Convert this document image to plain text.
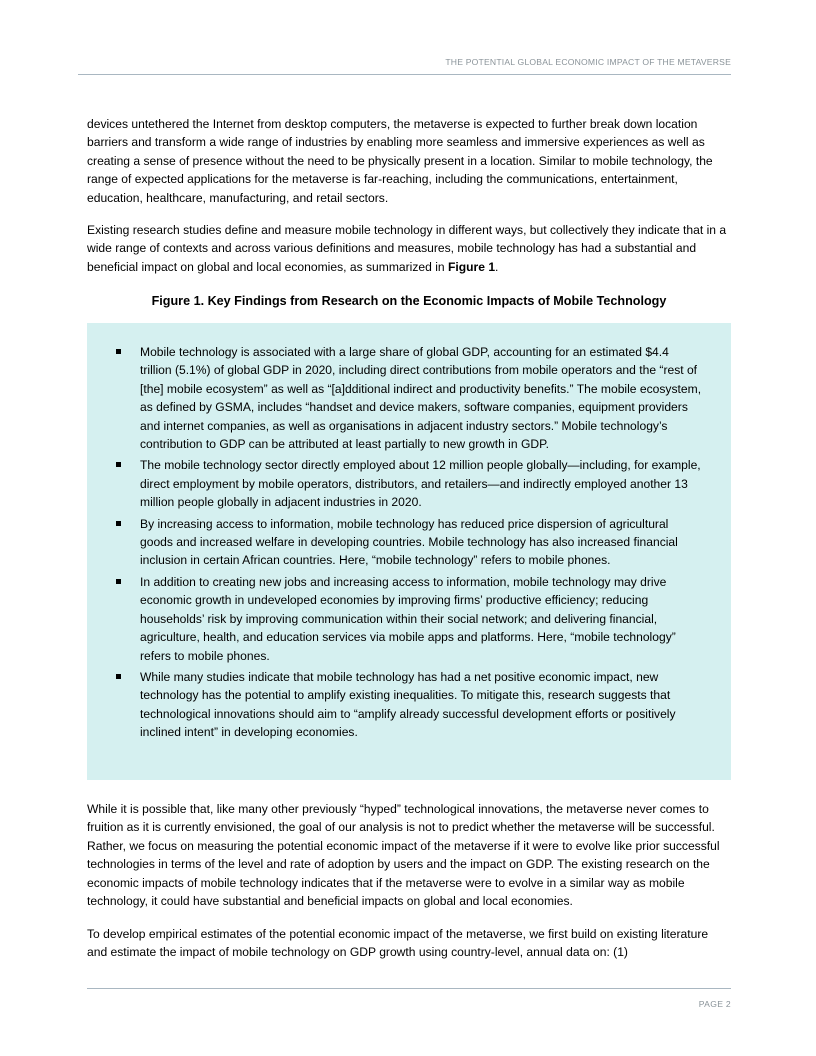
THE POTENTIAL GLOBAL ECONOMIC IMPACT OF THE METAVERSE

devices untethered the Internet from desktop computers, the metaverse is expected to further break down location barriers and transform a wide range of industries by enabling more seamless and immersive experiences as well as creating a sense of presence without the need to be physically present in a location. Similar to mobile technology, the range of expected applications for the metaverse is far-reaching, including the communications, entertainment, education, healthcare, manufacturing, and retail sectors.

Existing research studies define and measure mobile technology in different ways, but collectively they indicate that in a wide range of contexts and across various definitions and measures, mobile technology has had a substantial and beneficial impact on global and local economies, as summarized in Figure 1.

Figure 1. Key Findings from Research on the Economic Impacts of Mobile Technology

Mobile technology is associated with a large share of global GDP, accounting for an estimated $4.4 trillion (5.1%) of global GDP in 2020, including direct contributions from mobile operators and the “rest of [the] mobile ecosystem” as well as “[a]dditional indirect and productivity benefits.” The mobile ecosystem, as defined by GSMA, includes “handset and device makers, software companies, equipment providers and internet companies, as well as organisations in adjacent industry sectors.” Mobile technology’s contribution to GDP can be attributed at least partially to new growth in GDP.
The mobile technology sector directly employed about 12 million people globally—including, for example, direct employment by mobile operators, distributors, and retailers—and indirectly employed another 13 million people globally in adjacent industries in 2020.
By increasing access to information, mobile technology has reduced price dispersion of agricultural goods and increased welfare in developing countries. Mobile technology has also increased financial inclusion in certain African countries. Here, “mobile technology” refers to mobile phones.
In addition to creating new jobs and increasing access to information, mobile technology may drive economic growth in undeveloped economies by improving firms’ productive efficiency; reducing households’ risk by improving communication within their social network; and delivering financial, agriculture, health, and education services via mobile apps and platforms. Here, “mobile technology” refers to mobile phones.
While many studies indicate that mobile technology has had a net positive economic impact, new technology has the potential to amplify existing inequalities. To mitigate this, research suggests that technological innovations should aim to “amplify already successful development efforts or positively inclined intent” in developing economies.

While it is possible that, like many other previously “hyped” technological innovations, the metaverse never comes to fruition as it is currently envisioned, the goal of our analysis is not to predict whether the metaverse will be successful. Rather, we focus on measuring the potential economic impact of the metaverse if it were to evolve like prior successful technologies in terms of the level and rate of adoption by users and the impact on GDP. The existing research on the economic impacts of mobile technology indicates that if the metaverse were to evolve in a similar way as mobile technology, it could have substantial and beneficial impacts on global and local economies.

To develop empirical estimates of the potential economic impact of the metaverse, we first build on existing literature and estimate the impact of mobile technology on GDP growth using country-level, annual data on: (1)

PAGE 2
